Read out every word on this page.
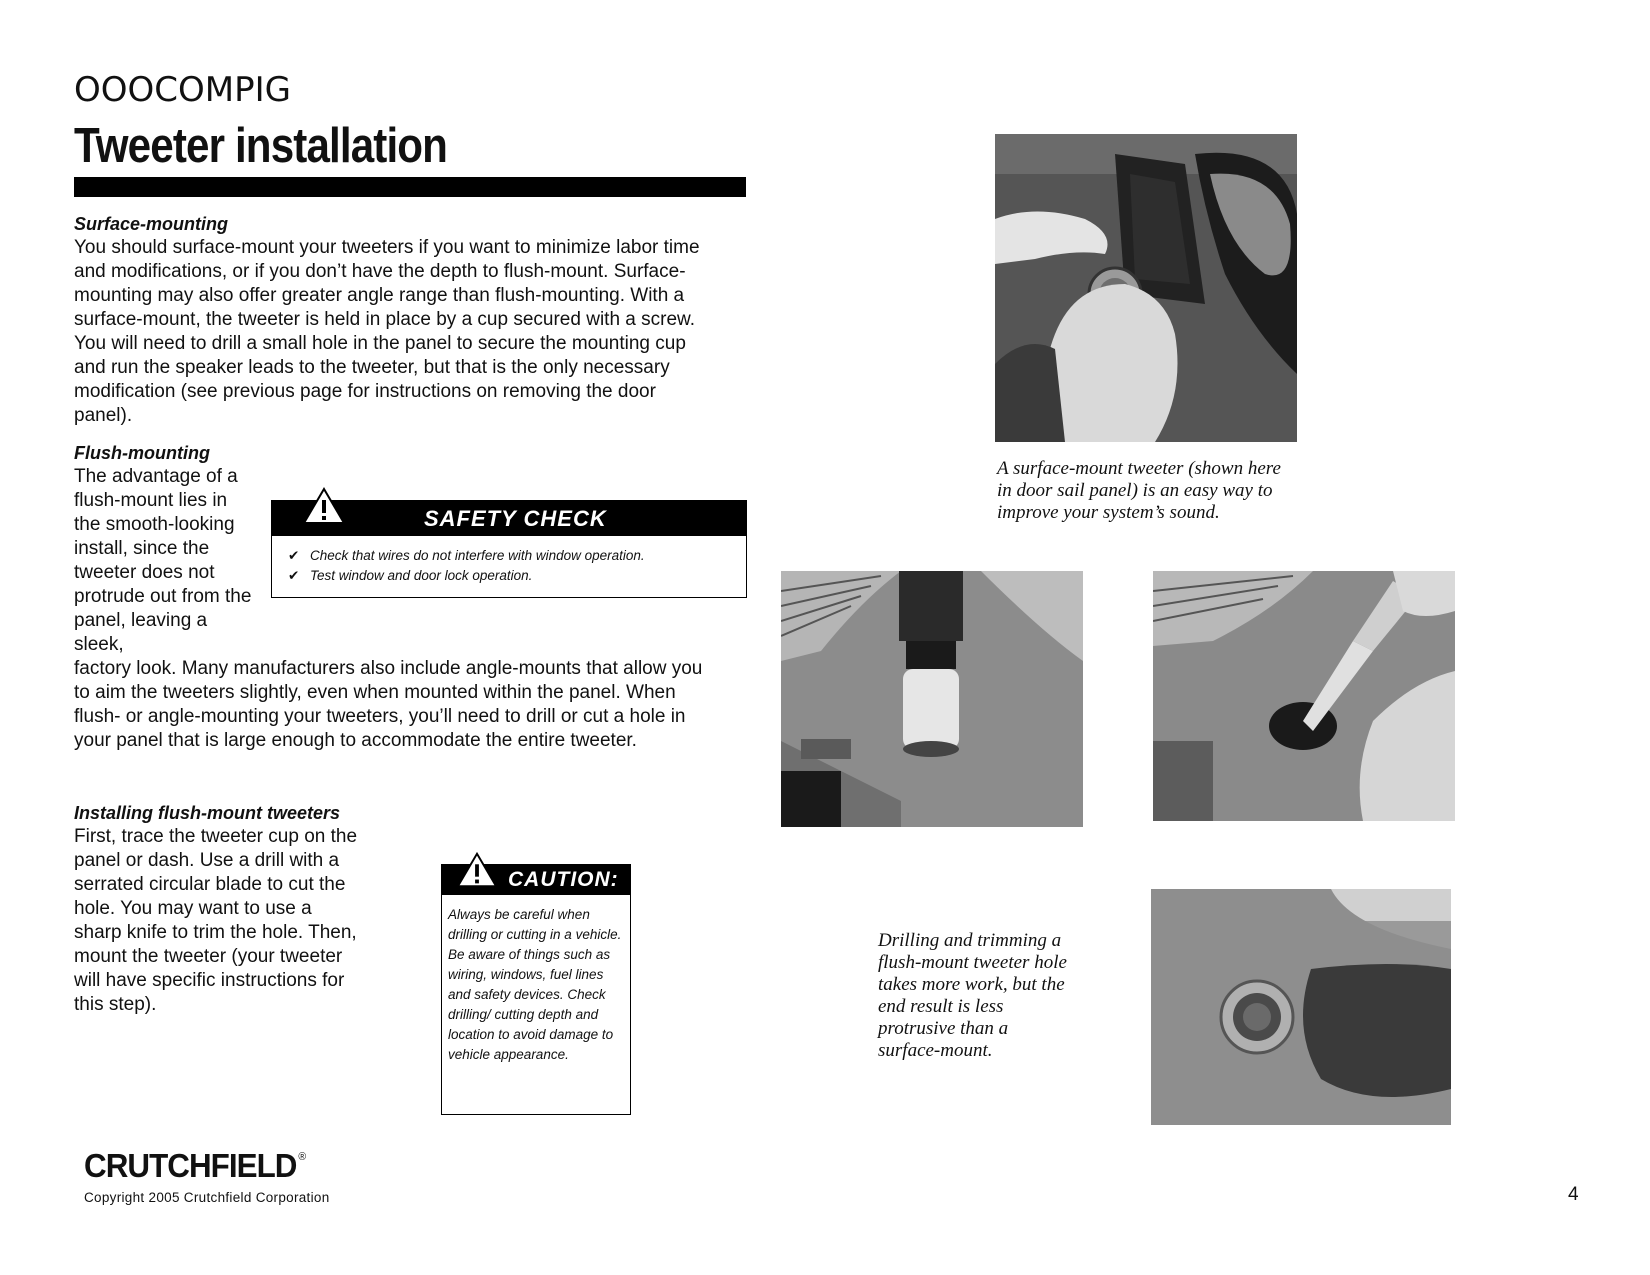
OOOCOMPIG
Tweeter installation
Surface-mounting
You should surface-mount your tweeters if you want to minimize labor time and modifications, or if you don’t have the depth to flush-mount. Surface-mounting may also offer greater angle range than flush-mounting. With a surface-mount, the tweeter is held in place by a cup secured with a screw. You will need to drill a small hole in the panel to secure the mounting cup and run the speaker leads to the tweeter, but that is the only necessary modification (see previous page for instructions on removing the door panel).
Flush-mounting
The advantage of a flush-mount lies in the smooth-looking install, since the tweeter does not protrude out from the panel, leaving a sleek,
factory look. Many manufacturers also include angle-mounts that allow you to aim the tweeters slightly, even when mounted within the panel. When flush- or angle-mounting your tweeters, you’ll need to drill or cut a hole in your panel that is large enough to accommodate the entire tweeter.
SAFETY CHECK
✔ Check that wires do not interfere with window operation.
✔ Test window and door lock operation.
Installing flush-mount tweeters
First, trace the tweeter cup on the panel or dash. Use a drill with a serrated circular blade to cut the hole. You may want to use a sharp knife to trim the hole. Then, mount the tweeter (your tweeter will have specific instructions for this step).
CAUTION:
Always be careful when drilling or cutting in a vehicle. Be aware of things such as wiring, windows, fuel lines and safety devices. Check drilling/ cutting depth and location to avoid damage to vehicle appearance.
A surface-mount tweeter (shown here in door sail panel) is an easy way to improve your system’s sound.
Drilling and trimming a flush-mount tweeter hole takes more work, but the end result is less protrusive than a surface-mount.
CRUTCHFIELD ®
Copyright 2005 Crutchfield Corporation	4
